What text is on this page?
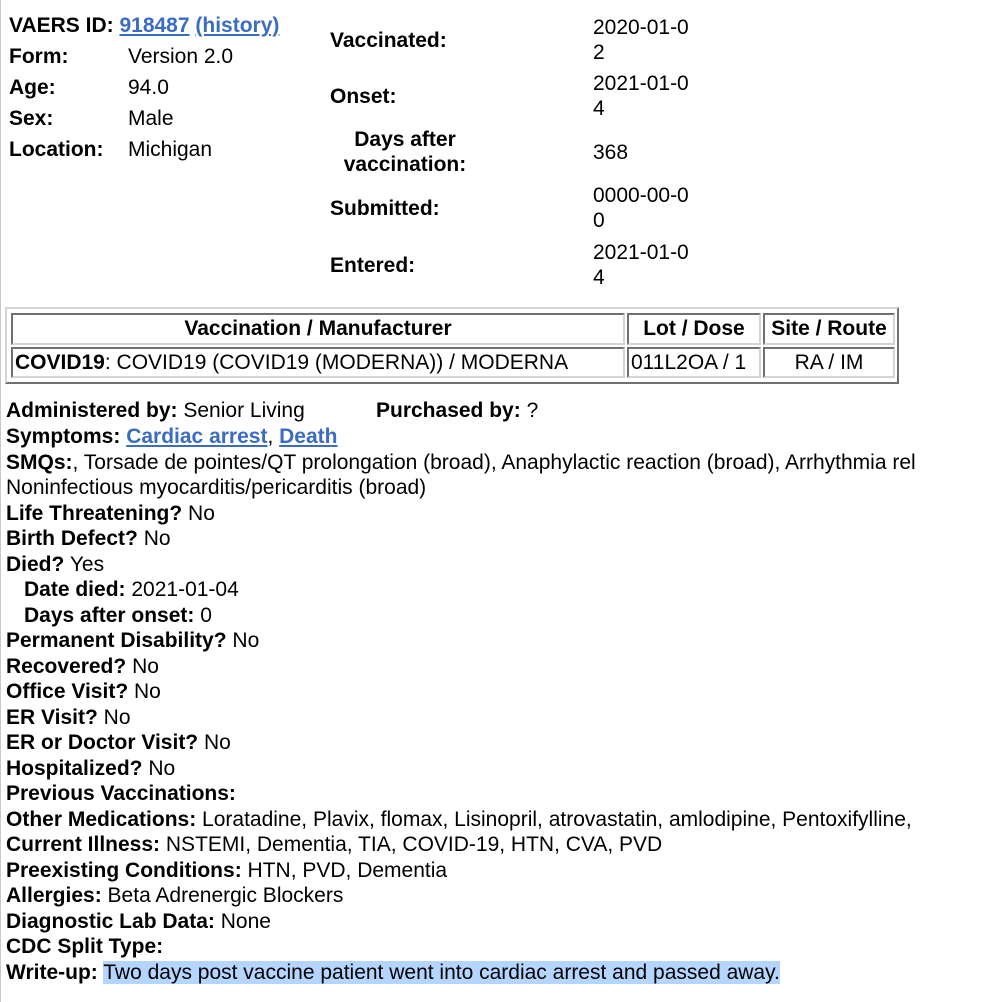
VAERS ID: 918487 (history)
Form:	Version 2.0
Age:	94.0
Sex:	Male
Location: Michigan
Vaccinated:
2020-01-02
Onset:
2021-01-04
Days after vaccination:
368
Submitted:
0000-00-00
Entered:
2021-01-04
Vaccination / Manufacturer	Lot / Dose	Site / Route
COVID19 : COVID19 (COVID19 (MODERNA)) / MODERNA	011L2OA / 1	RA / IM
Administered by: Senior Living	Purchased by: ?
Symptoms: Cardiac arrest, Death
SMQs:, Torsade de pointes/QT prolongation (broad), Anaphylactic reaction (broad), Arrhythmia rel
Noninfectious myocarditis/pericarditis (broad)
Life Threatening? No
Birth Defect? No
Died? Yes
Date died: 2021-01-04
Days after onset: 0
Permanent Disability? No
Recovered? No
Office Visit? No
ER Visit? No
ER or Doctor Visit? No
Hospitalized? No
Previous Vaccinations:
Other Medications: Loratadine, Plavix, flomax, Lisinopril, atrovastatin, amlodipine, Pentoxifylline,
Current Illness: NSTEMI, Dementia, TIA, COVID-19, HTN, CVA, PVD
Preexisting Conditions: HTN, PVD, Dementia
Allergies: Beta Adrenergic Blockers
Diagnostic Lab Data: None
CDC Split Type:
Write-up: Two days post vaccine patient went into cardiac arrest and passed away.
